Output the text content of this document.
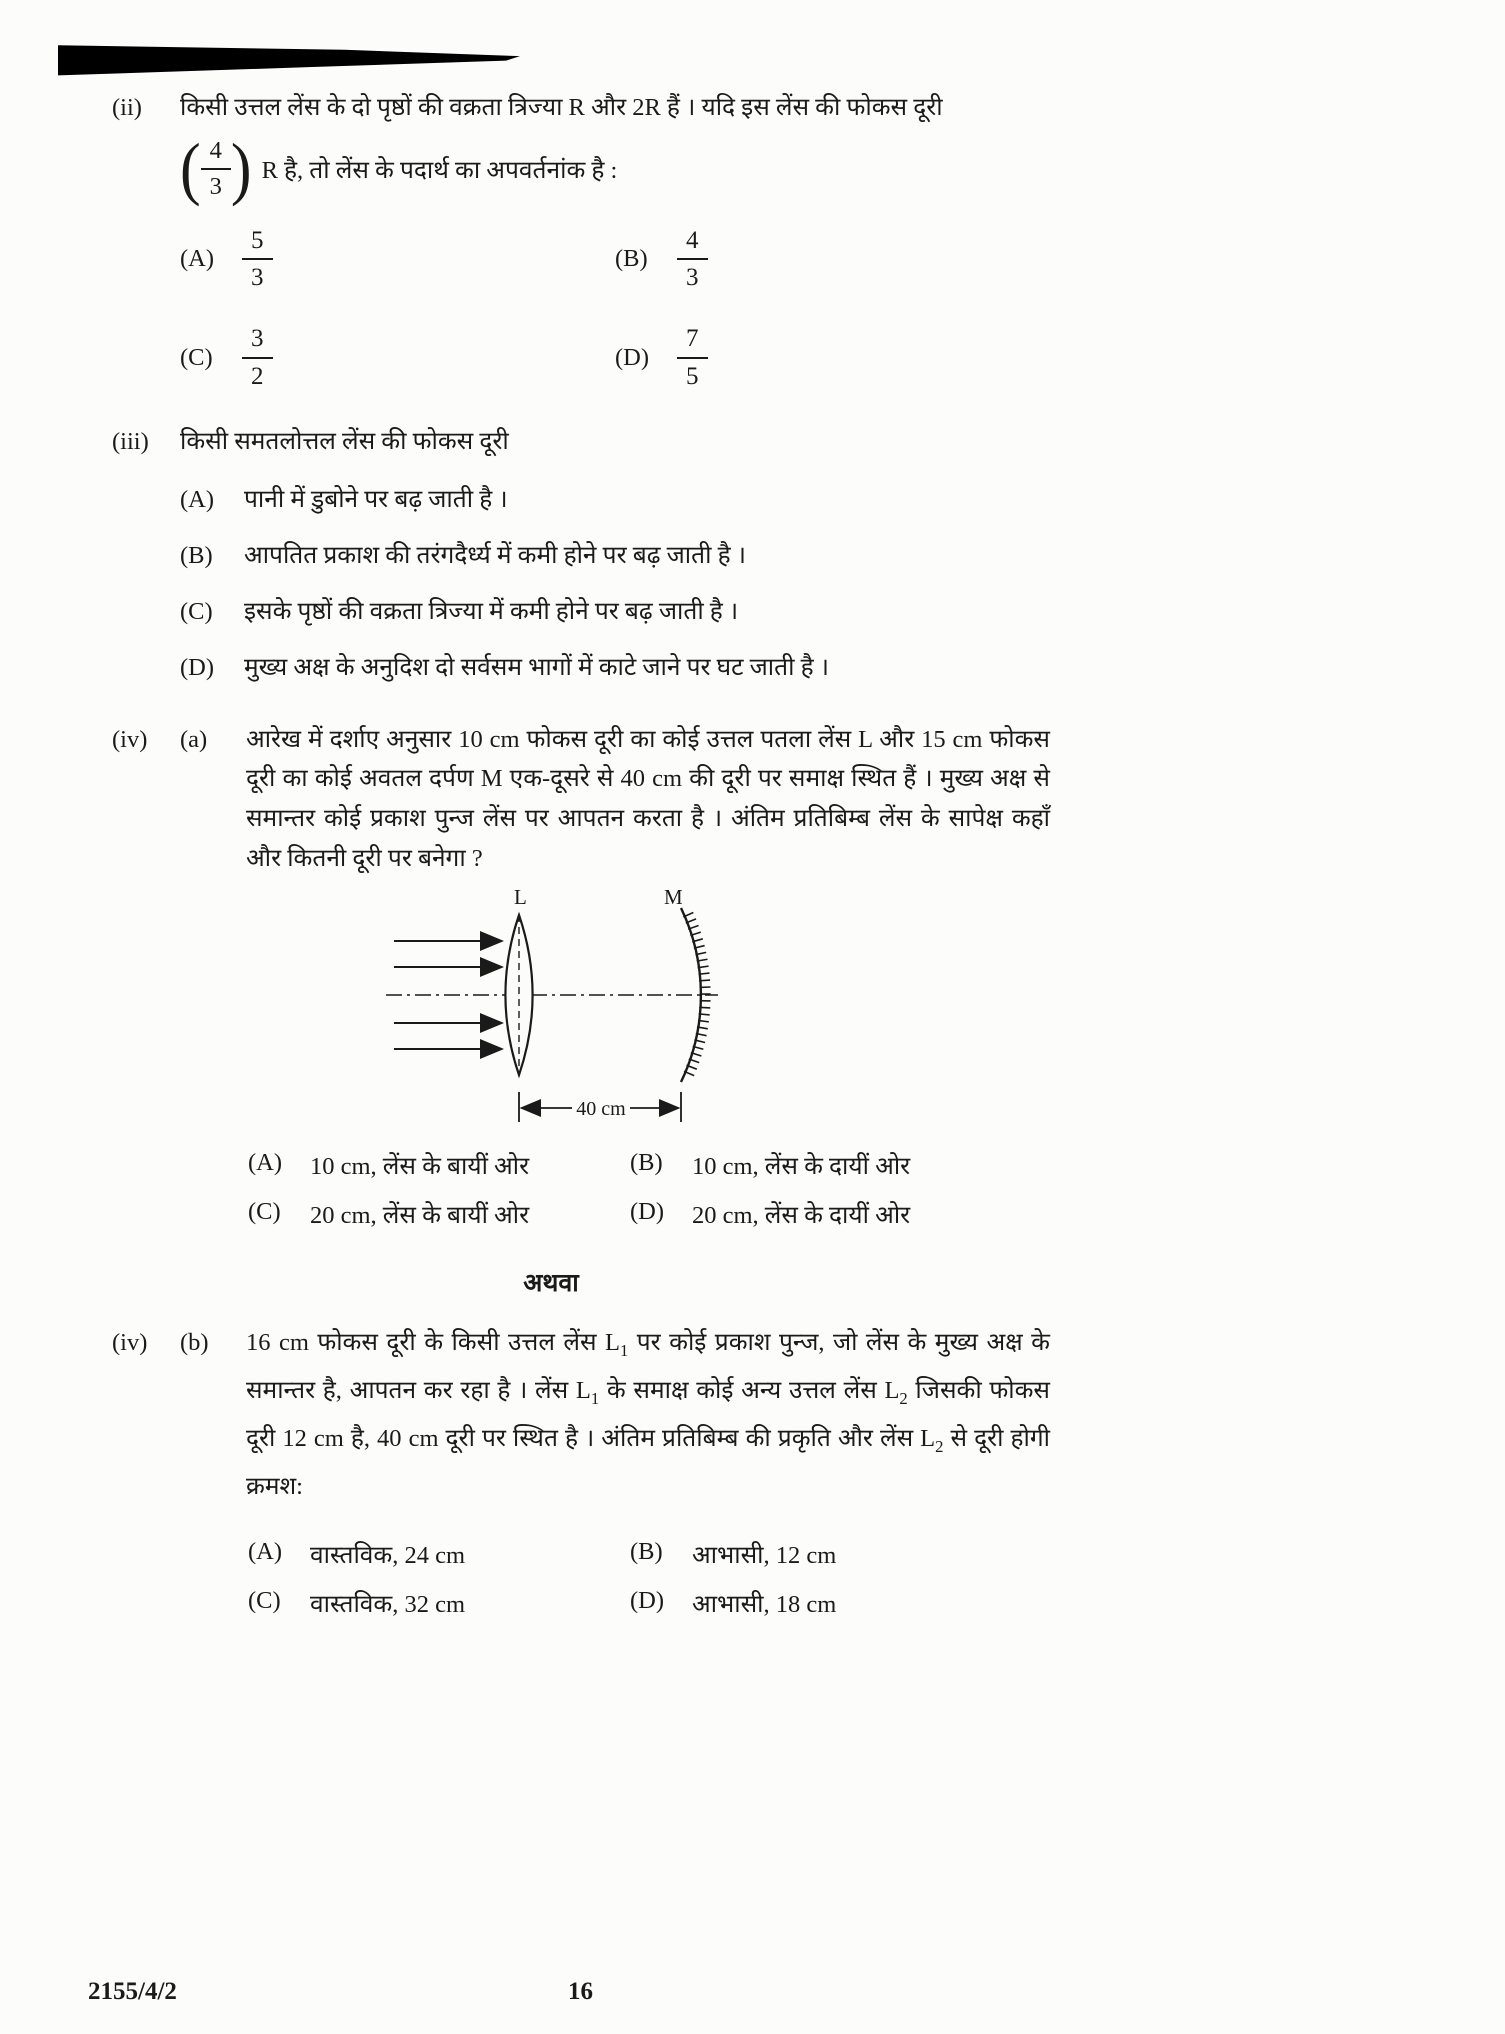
(ii)	किसी उत्तल लेंस के दो पृष्ठों की वक्रता त्रिज्या R और 2R हैं । यदि इस लेंस की फोकस दूरी
( $\frac{4}{3}$ ) R है, तो लेंस के पदार्थ का अपवर्तनांक है :
(A)	$\frac{5}{3}$	(B)	$\frac{4}{3}$
(C)	$\frac{3}{2}$	(D)	$\frac{7}{5}$
(iii)	किसी समतलोत्तल लेंस की फोकस दूरी
(A)	पानी में डुबोने पर बढ़ जाती है ।
(B)	आपतित प्रकाश की तरंगदैर्ध्य में कमी होने पर बढ़ जाती है ।
(C)	इसके पृष्ठों की वक्रता त्रिज्या में कमी होने पर बढ़ जाती है ।
(D)	मुख्य अक्ष के अनुदिश दो सर्वसम भागों में काटे जाने पर घट जाती है ।
(iv)	(a)	आरेख में दर्शाए अनुसार 10 cm फोकस दूरी का कोई उत्तल पतला लेंस L और 15 cm फोकस दूरी का कोई अवतल दर्पण M एक-दूसरे से 40 cm की दूरी पर समाक्ष स्थित हैं । मुख्य अक्ष से समान्तर कोई प्रकाश पुन्ज लेंस पर आपतन करता है । अंतिम प्रतिबिम्ब लेंस के सापेक्ष कहाँ और कितनी दूरी पर बनेगा ?
L	M
40 cm
(A)	10 cm, लेंस के बायीं ओर	(B)	10 cm, लेंस के दायीं ओर
(C)	20 cm, लेंस के बायीं ओर	(D)	20 cm, लेंस के दायीं ओर
अथवा
(iv)	(b)	16 cm फोकस दूरी के किसी उत्तल लेंस $L_1$ पर कोई प्रकाश पुन्ज, जो लेंस के मुख्य अक्ष के समान्तर है, आपतन कर रहा है । लेंस $L_1$ के समाक्ष कोई अन्य उत्तल लेंस $L_2$ जिसकी फोकस दूरी 12 cm है, 40 cm दूरी पर स्थित है । अंतिम प्रतिबिम्ब की प्रकृति और लेंस $L_2$ से दूरी होगी क्रमश:
(A)	वास्तविक, 24 cm	(B)	आभासी, 12 cm
(C)	वास्तविक, 32 cm	(D)	आभासी, 18 cm
2155/4/2	16
